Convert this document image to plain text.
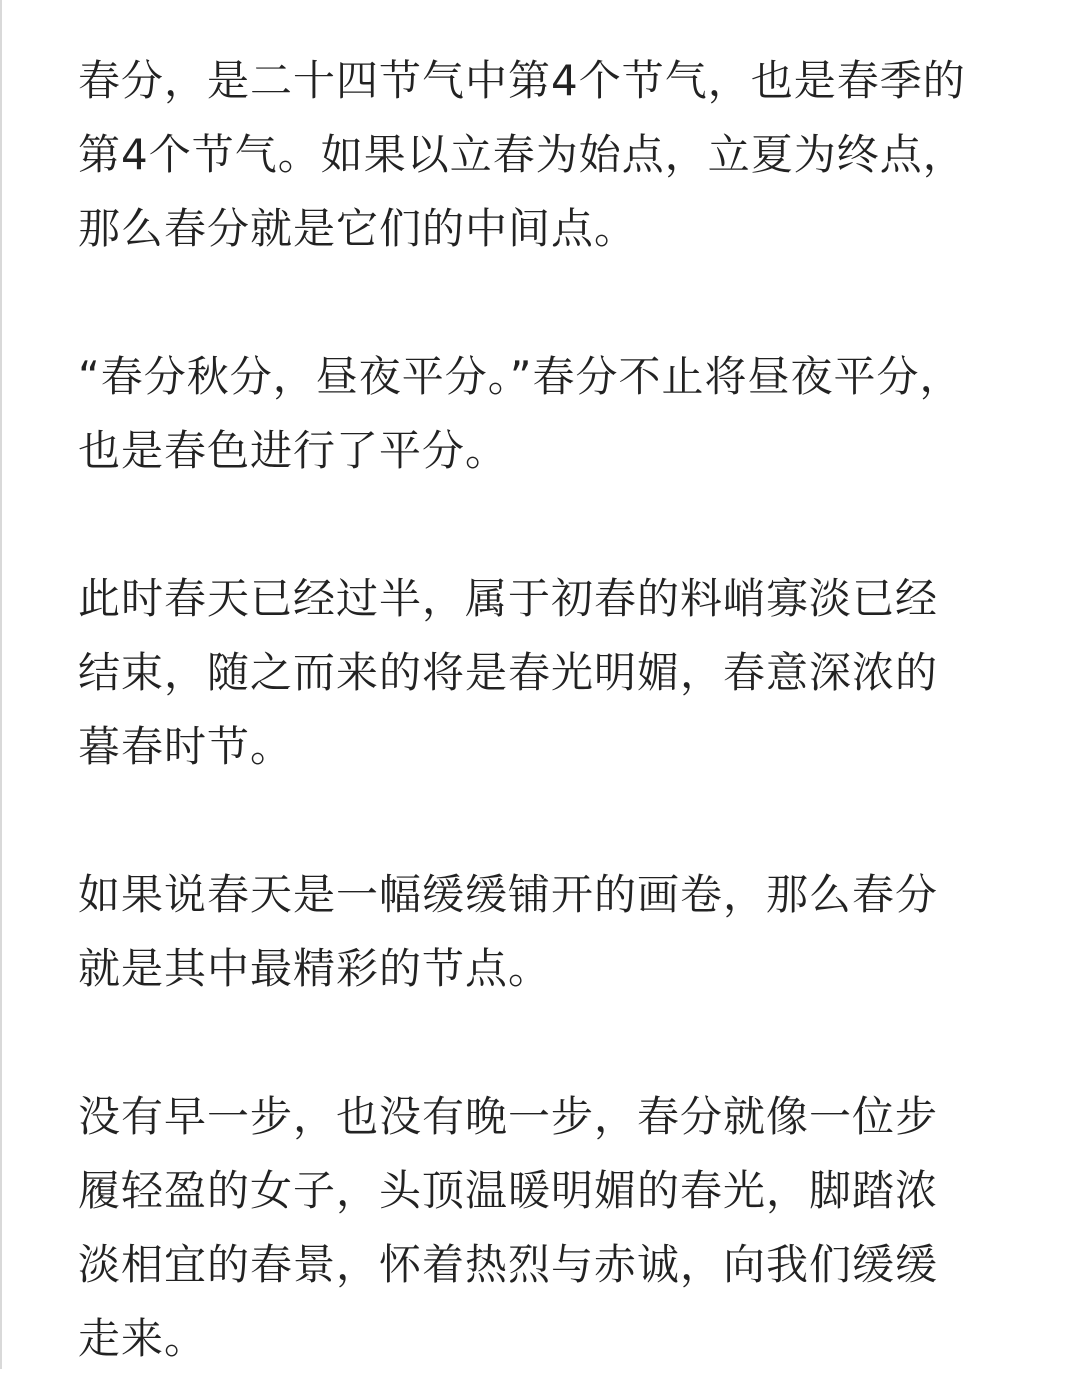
春分，是二十四节气中第4个节气，也是春季的
第4个节气。如果以立春为始点，立夏为终点，
那么春分就是它们的中间点。
“春分秋分，昼夜平分。”春分不止将昼夜平分，
也是春色进行了平分。
此时春天已经过半，属于初春的料峭寡淡已经
结束，随之而来的将是春光明媚，春意深浓的
暮春时节。
如果说春天是一幅缓缓铺开的画卷，那么春分
就是其中最精彩的节点。
没有早一步，也没有晚一步，春分就像一位步
履轻盈的女子，头顶温暖明媚的春光，脚踏浓
淡相宜的春景，怀着热烈与赤诚，向我们缓缓
走来。
